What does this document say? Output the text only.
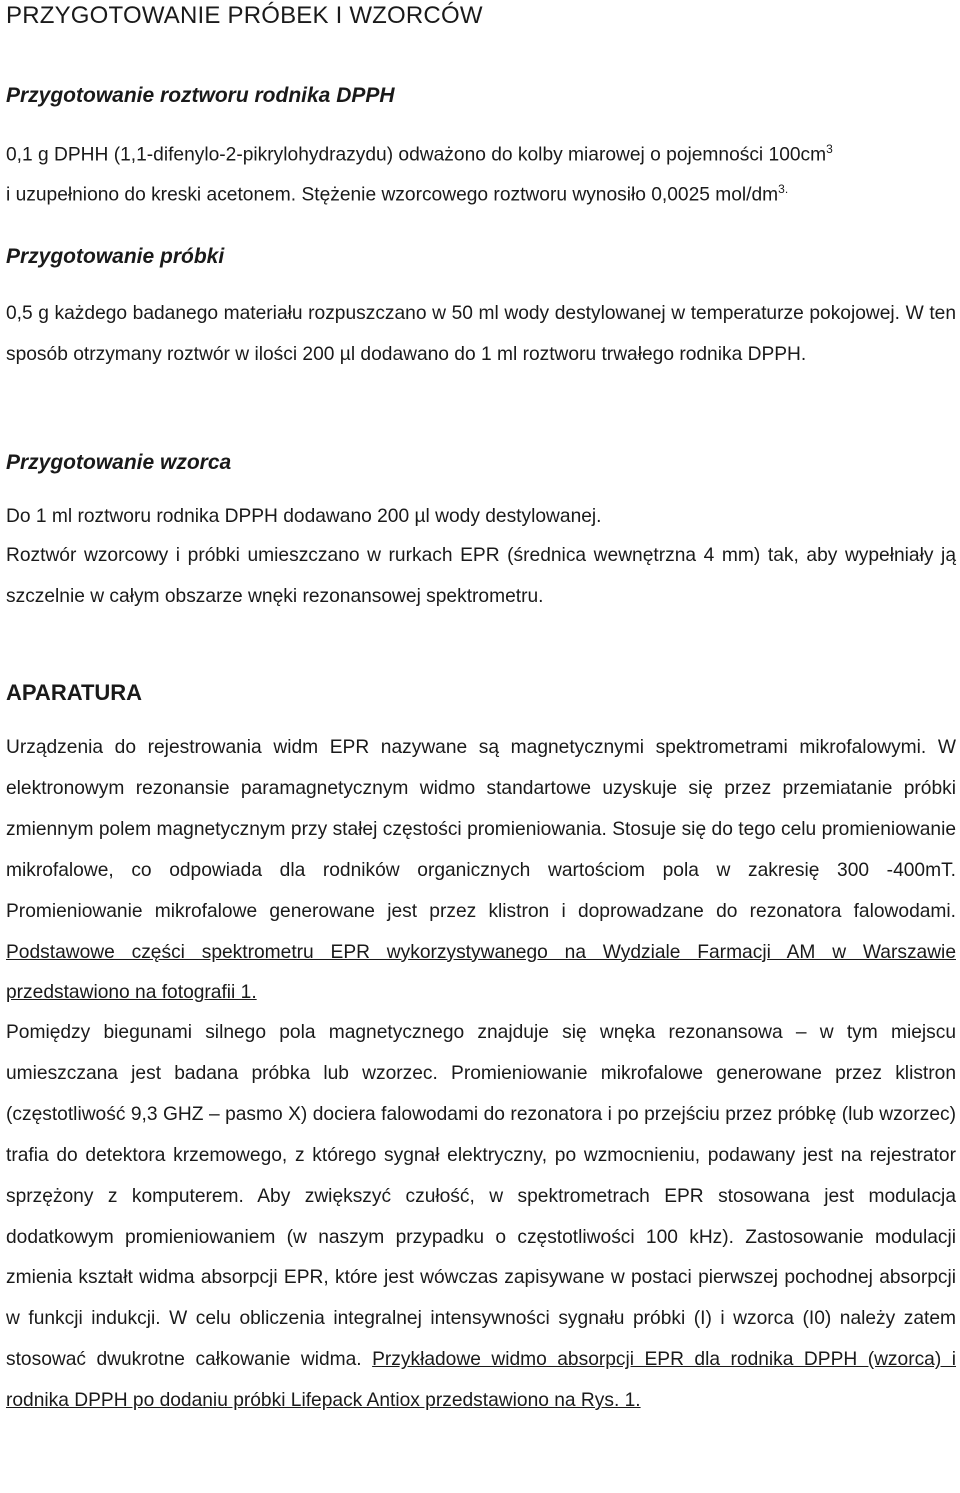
PRZYGOTOWANIE PRÓBEK I WZORCÓW
Przygotowanie roztworu rodnika DPPH
0,1 g DPHH (1,1-difenylo-2-pikrylohydrazydu) odważono do kolby miarowej o pojemności $100cm^3$
i uzupełniono do kreski acetonem. Stężenie wzorcowego roztworu wynosiło 0,0025 mol/$dm^{3.}$
Przygotowanie próbki

0,5 g każdego badanego materiału rozpuszczano w 50 ml wody destylowanej w temperaturze pokojowej. W ten sposób otrzymany roztwór w ilości 200 µl dodawano do 1 ml roztworu trwałego rodnika DPPH.

Przygotowanie wzorca
Do 1 ml roztworu rodnika DPPH dodawano 200 µl wody destylowanej.

Roztwór wzorcowy i próbki umieszczano w rurkach EPR (średnica wewnętrzna 4 mm) tak, aby wypełniały ją szczelnie w całym obszarze wnęki rezonansowej spektrometru.

APARATURA

Urządzenia do rejestrowania widm EPR nazywane są magnetycznymi spektrometrami mikrofalowymi. W elektronowym rezonansie paramagnetycznym widmo standartowe uzyskuje się przez przemiatanie próbki zmiennym polem magnetycznym przy stałej częstości promieniowania. Stosuje się do tego celu promieniowanie mikrofalowe, co odpowiada dla rodników organicznych wartościom pola w zakresię 300 -400mT. Promieniowanie mikrofalowe generowane jest przez klistron i doprowadzane do rezonatora falowodami. Podstawowe części spektrometru EPR wykorzystywanego na Wydziale Farmacji AM w Warszawie przedstawiono na fotografii 1.

Pomiędzy biegunami silnego pola magnetycznego znajduje się wnęka rezonansowa – w tym miejscu umieszczana jest badana próbka lub wzorzec. Promieniowanie mikrofalowe generowane przez klistron (częstotliwość 9,3 GHZ – pasmo X) dociera falowodami do rezonatora i po przejściu przez próbkę (lub wzorzec) trafia do detektora krzemowego, z którego sygnał elektryczny, po wzmocnieniu, podawany jest na rejestrator sprzężony z komputerem. Aby zwiększyć czułość, w spektrometrach EPR stosowana jest modulacja dodatkowym promieniowaniem (w naszym przypadku o częstotliwości 100 kHz). Zastosowanie modulacji zmienia kształt widma absorpcji EPR, które jest wówczas zapisywane w postaci pierwszej pochodnej absorpcji w funkcji indukcji. W celu obliczenia integralnej intensywności sygnału próbki (I) i wzorca (I0) należy zatem stosować dwukrotne całkowanie widma. Przykładowe widmo absorpcji EPR dla rodnika DPPH (wzorca) i rodnika DPPH po dodaniu próbki Lifepack Antiox przedstawiono na Rys. 1.
